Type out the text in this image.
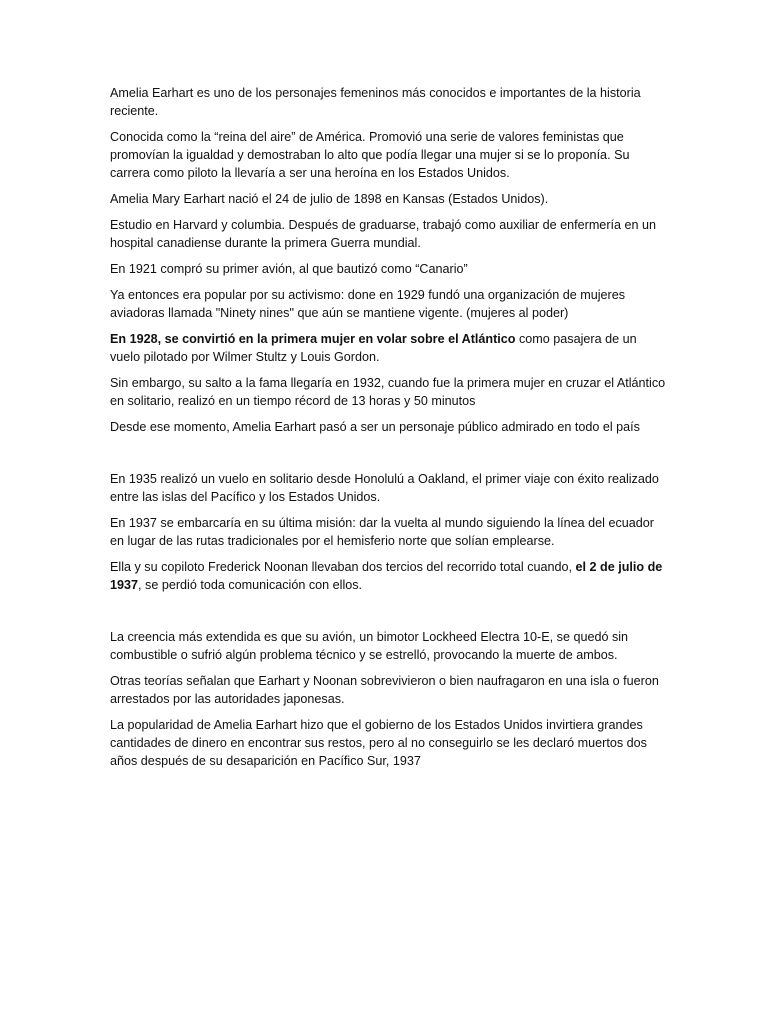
Amelia Earhart es uno de los personajes femeninos más conocidos e importantes de la historia reciente.

Conocida como la “reina del aire” de América. Promovió una serie de valores feministas que promovían la igualdad y demostraban lo alto que podía llegar una mujer si se lo proponía. Su carrera como piloto la llevaría a ser una heroína en los Estados Unidos.

Amelia Mary Earhart nació el 24 de julio de 1898 en Kansas (Estados Unidos).

Estudio en Harvard y columbia. Después de graduarse, trabajó como auxiliar de enfermería en un hospital canadiense durante la primera Guerra mundial.

En 1921 compró su primer avión, al que bautizó como “Canario”

Ya entonces era popular por su activismo: done en 1929 fundó una organización de mujeres aviadoras llamada "Ninety nines" que aún se mantiene vigente. (mujeres al poder)

En 1928, se convirtió en la primera mujer en volar sobre el Atlántico como pasajera de un vuelo pilotado por Wilmer Stultz y Louis Gordon.

Sin embargo, su salto a la fama llegaría en 1932, cuando fue la primera mujer en cruzar el Atlántico en solitario, realizó en un tiempo récord de 13 horas y 50 minutos

Desde ese momento, Amelia Earhart pasó a ser un personaje público admirado en todo el país

En 1935 realizó un vuelo en solitario desde Honolulú a Oakland, el primer viaje con éxito realizado entre las islas del Pacífico y los Estados Unidos.

En 1937 se embarcaría en su última misión: dar la vuelta al mundo siguiendo la línea del ecuador en lugar de las rutas tradicionales por el hemisferio norte que solían emplearse.

Ella y su copiloto Frederick Noonan llevaban dos tercios del recorrido total cuando, el 2 de julio de 1937, se perdió toda comunicación con ellos.

La creencia más extendida es que su avión, un bimotor Lockheed Electra 10-E, se quedó sin combustible o sufrió algún problema técnico y se estrelló, provocando la muerte de ambos.

Otras teorías señalan que Earhart y Noonan sobrevivieron o bien naufragaron en una isla o fueron arrestados por las autoridades japonesas.

La popularidad de Amelia Earhart hizo que el gobierno de los Estados Unidos invirtiera grandes cantidades de dinero en encontrar sus restos, pero al no conseguirlo se les declaró muertos dos años después de su desaparición en Pacífico Sur, 1937
